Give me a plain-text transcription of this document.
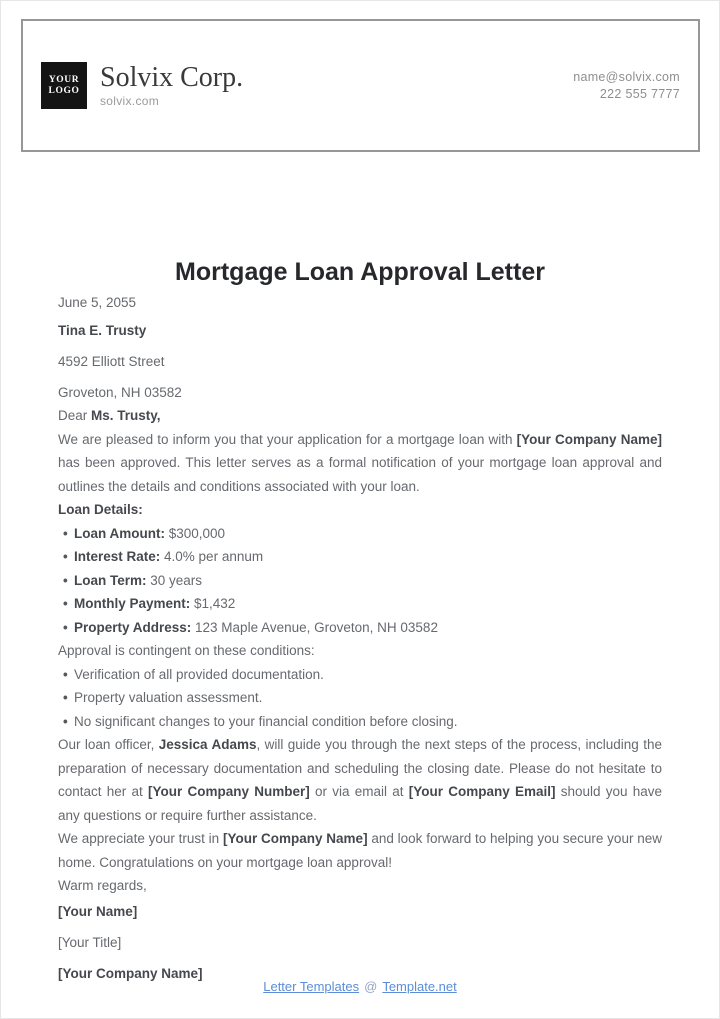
YOUR
LOGO Solvix Corp.
solvix.com
name@solvix.com
222 555 7777
Mortgage Loan Approval Letter

June 5, 2055

Tina E. Trusty

4592 Elliott Street

Groveton, NH 03582

Dear Ms. Trusty,

We are pleased to inform you that your application for a mortgage loan with [Your Company Name] has been approved. This letter serves as a formal notification of your mortgage loan approval and outlines the details and conditions associated with your loan.

Loan Details:

• Loan Amount: $300,000
• Interest Rate: 4.0% per annum
• Loan Term: 30 years
• Monthly Payment: $1,432
• Property Address: 123 Maple Avenue, Groveton, NH 03582

Approval is contingent on these conditions:

• Verification of all provided documentation.
• Property valuation assessment.
• No significant changes to your financial condition before closing.

Our loan officer, Jessica Adams, will guide you through the next steps of the process, including the preparation of necessary documentation and scheduling the closing date. Please do not hesitate to contact her at [Your Company Number] or via email at [Your Company Email] should you have any questions or require further assistance.

We appreciate your trust in [Your Company Name] and look forward to helping you secure your new home. Congratulations on your mortgage loan approval!

Warm regards,

[Your Name]

[Your Title]

[Your Company Name]

Letter Templates @ Template.net
